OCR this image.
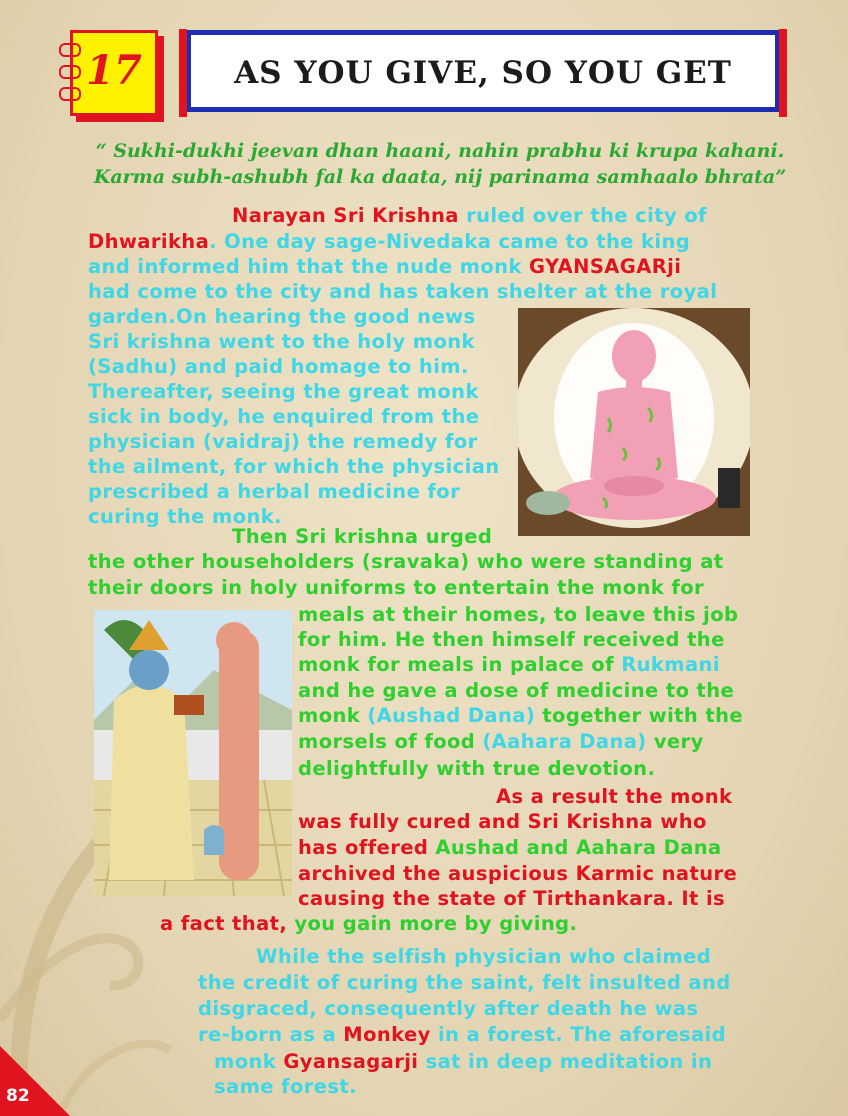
17	AS YOU GIVE, SO YOU GET
“ Sukhi-dukhi jeevan dhan haani, nahin prabhu ki krupa kahani.
Karma subh-ashubh fal ka daata, nij parinama samhaalo bhrata”
Narayan Sri Krishna ruled over the city of
Dhwarikha. One day sage-Nivedaka came to the king
and informed him that the nude monk GYANSAGARji
had come to the city and has taken shelter at the royal
garden.On hearing the good news
Sri krishna went to the holy monk
(Sadhu) and paid homage to him.
Thereafter, seeing the great monk
sick in body, he enquired from the
physician (vaidraj) the remedy for
the ailment, for which the physician
prescribed a herbal medicine for
curing the monk.
Then Sri krishna urged
the other householders (sravaka) who were standing at
their doors in holy uniforms to entertain the monk for
meals at their homes, to leave this job
for him. He then himself received the
monk for meals in palace of Rukmani
and he gave a dose of medicine to the
monk (Aushad Dana) together with the
morsels of food (Aahara Dana) very
delightfully with true devotion.
As a result the monk
was fully cured and Sri Krishna who
has offered Aushad and Aahara Dana
archived the auspicious Karmic nature
causing the state of Tirthankara. It is
a fact that, you gain more by giving.
While the selfish physician who claimed
the credit of curing the saint, felt insulted and
disgraced, consequently after death he was
re-born as a Monkey in a forest. The aforesaid
monk Gyansagarji sat in deep meditation in
same forest.
82
